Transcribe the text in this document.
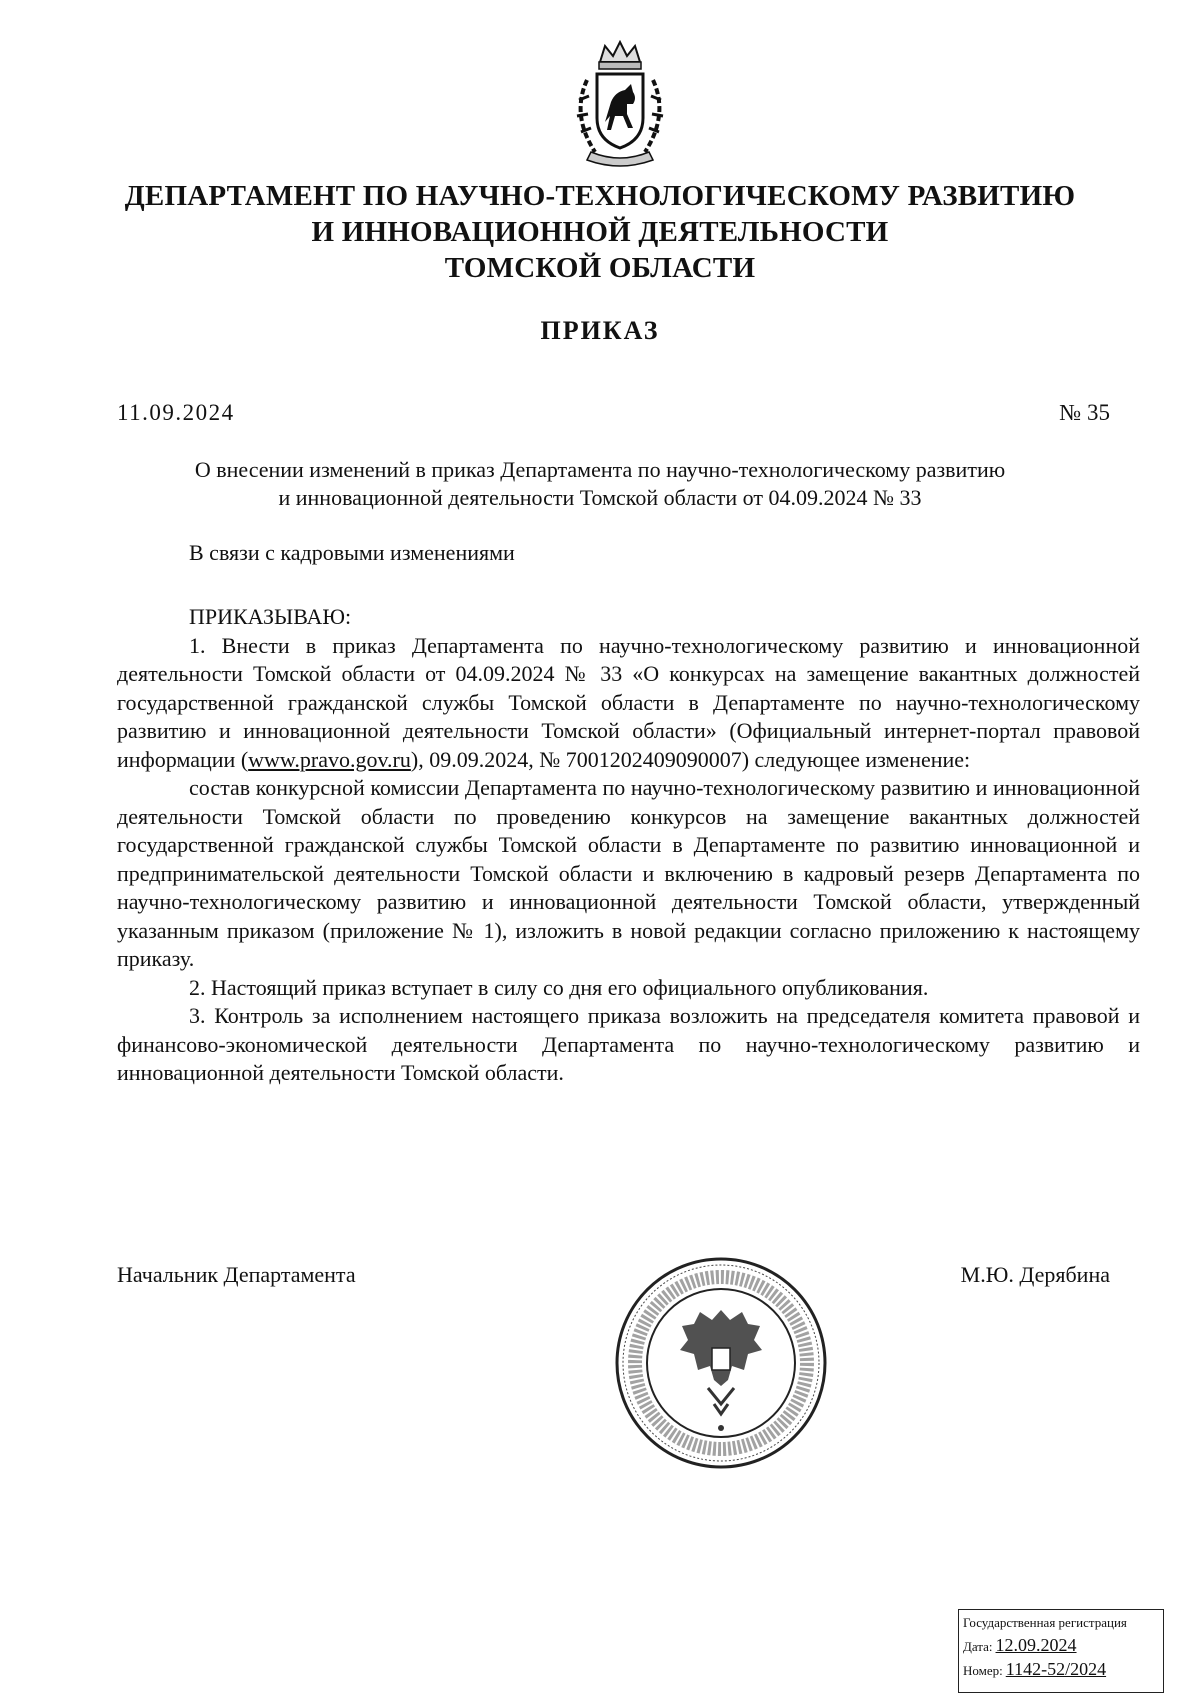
ДЕПАРТАМЕНТ ПО НАУЧНО-ТЕХНОЛОГИЧЕСКОМУ РАЗВИТИЮ
И ИННОВАЦИОННОЙ ДЕЯТЕЛЬНОСТИ
ТОМСКОЙ ОБЛАСТИ
ПРИКАЗ
11.09.2024	№ 35
О внесении изменений в приказ Департамента по научно-технологическому развитию
и инновационной деятельности Томской области от 04.09.2024 № 33

В связи с кадровыми изменениями

ПРИКАЗЫВАЮ:

1. Внести в приказ Департамента по научно-технологическому развитию и инновационной деятельности Томской области от 04.09.2024 № 33 «О конкурсах на замещение вакантных должностей государственной гражданской службы Томской области в Департаменте по научно-технологическому развитию и инновационной деятельности Томской области» (Официальный интернет-портал правовой информации (www.pravo.gov.ru), 09.09.2024, № 7001202409090007) следующее изменение:

состав конкурсной комиссии Департамента по научно-технологическому развитию и инновационной деятельности Томской области по проведению конкурсов на замещение вакантных должностей государственной гражданской службы Томской области в Департаменте по развитию инновационной и предпринимательской деятельности Томской области и включению в кадровый резерв Департамента по научно-технологическому развитию и инновационной деятельности Томской области, утвержденный указанным приказом (приложение № 1), изложить в новой редакции согласно приложению к настоящему приказу.

2. Настоящий приказ вступает в силу со дня его официального опубликования.

3. Контроль за исполнением настоящего приказа возложить на председателя комитета правовой и финансово-экономической деятельности Департамента по научно-технологическому развитию и инновационной деятельности Томской области.

Начальник Департамента	М.Ю. Дерябина
Государственная регистрация
Дата: 12.09.2024
Номер: 1142-52/2024
